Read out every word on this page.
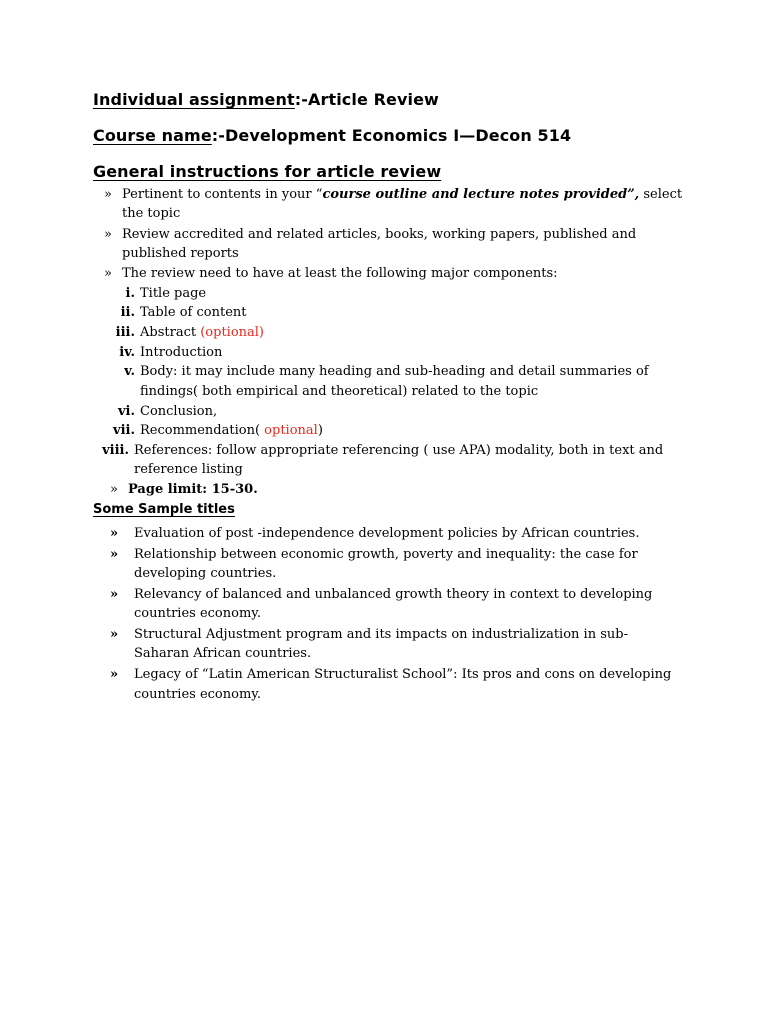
Individual assignment:-Article Review
Course name:-Development Economics I—Decon 514
General instructions for article review
» Pertinent to contents in your “course outline and lecture notes provided”, select
the topic
» Review accredited and related articles, books, working papers, published and
published reports
» The review need to have at least the following major components:
i. Title page
ii. Table of content
iii. Abstract (optional)
iv. Introduction
v. Body: it may include many heading and sub-heading and detail summaries of
findings( both empirical and theoretical) related to the topic
vi. Conclusion,
vii. Recommendation( optional)
viii. References: follow appropriate referencing ( use APA) modality, both in text and
reference listing
» Page limit: 15-30.
Some Sample titles
» Evaluation of post -independence development policies by African countries.
» Relationship between economic growth, poverty and inequality: the case for
developing countries.
» Relevancy of balanced and unbalanced growth theory in context to developing
countries economy.
» Structural Adjustment program and its impacts on industrialization in sub-
Saharan African countries.
» Legacy of “Latin American Structuralist School”: Its pros and cons on developing
countries economy.
